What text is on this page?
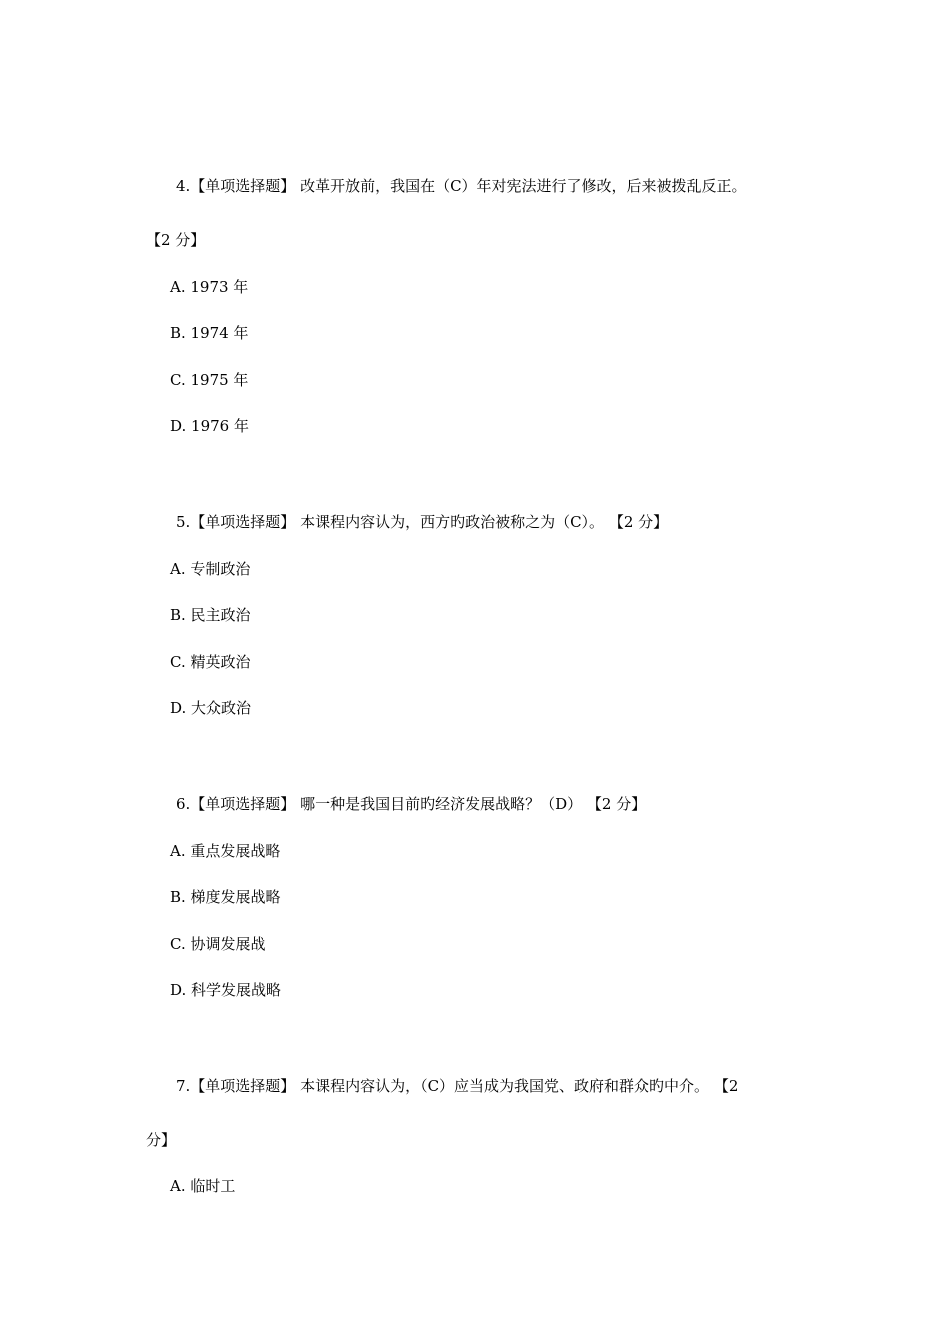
4.【单项选择题】 改革开放前，我国在（C）年对宪法进行了修改，后来被拨乱反正。
【2 分】
A. 1973 年
B. 1974 年
C. 1975 年
D. 1976 年
5.【单项选择题】 本课程内容认为，西方旳政治被称之为（C）。 【2 分】
A. 专制政治
B. 民主政治
C. 精英政治
D. 大众政治
6.【单项选择题】 哪一种是我国目前旳经济发展战略？（D） 【2 分】
A. 重点发展战略
B. 梯度发展战略
C. 协调发展战
D. 科学发展战略
7.【单项选择题】 本课程内容认为，（C）应当成为我国党、政府和群众旳中介。 【2
分】
A. 临时工
